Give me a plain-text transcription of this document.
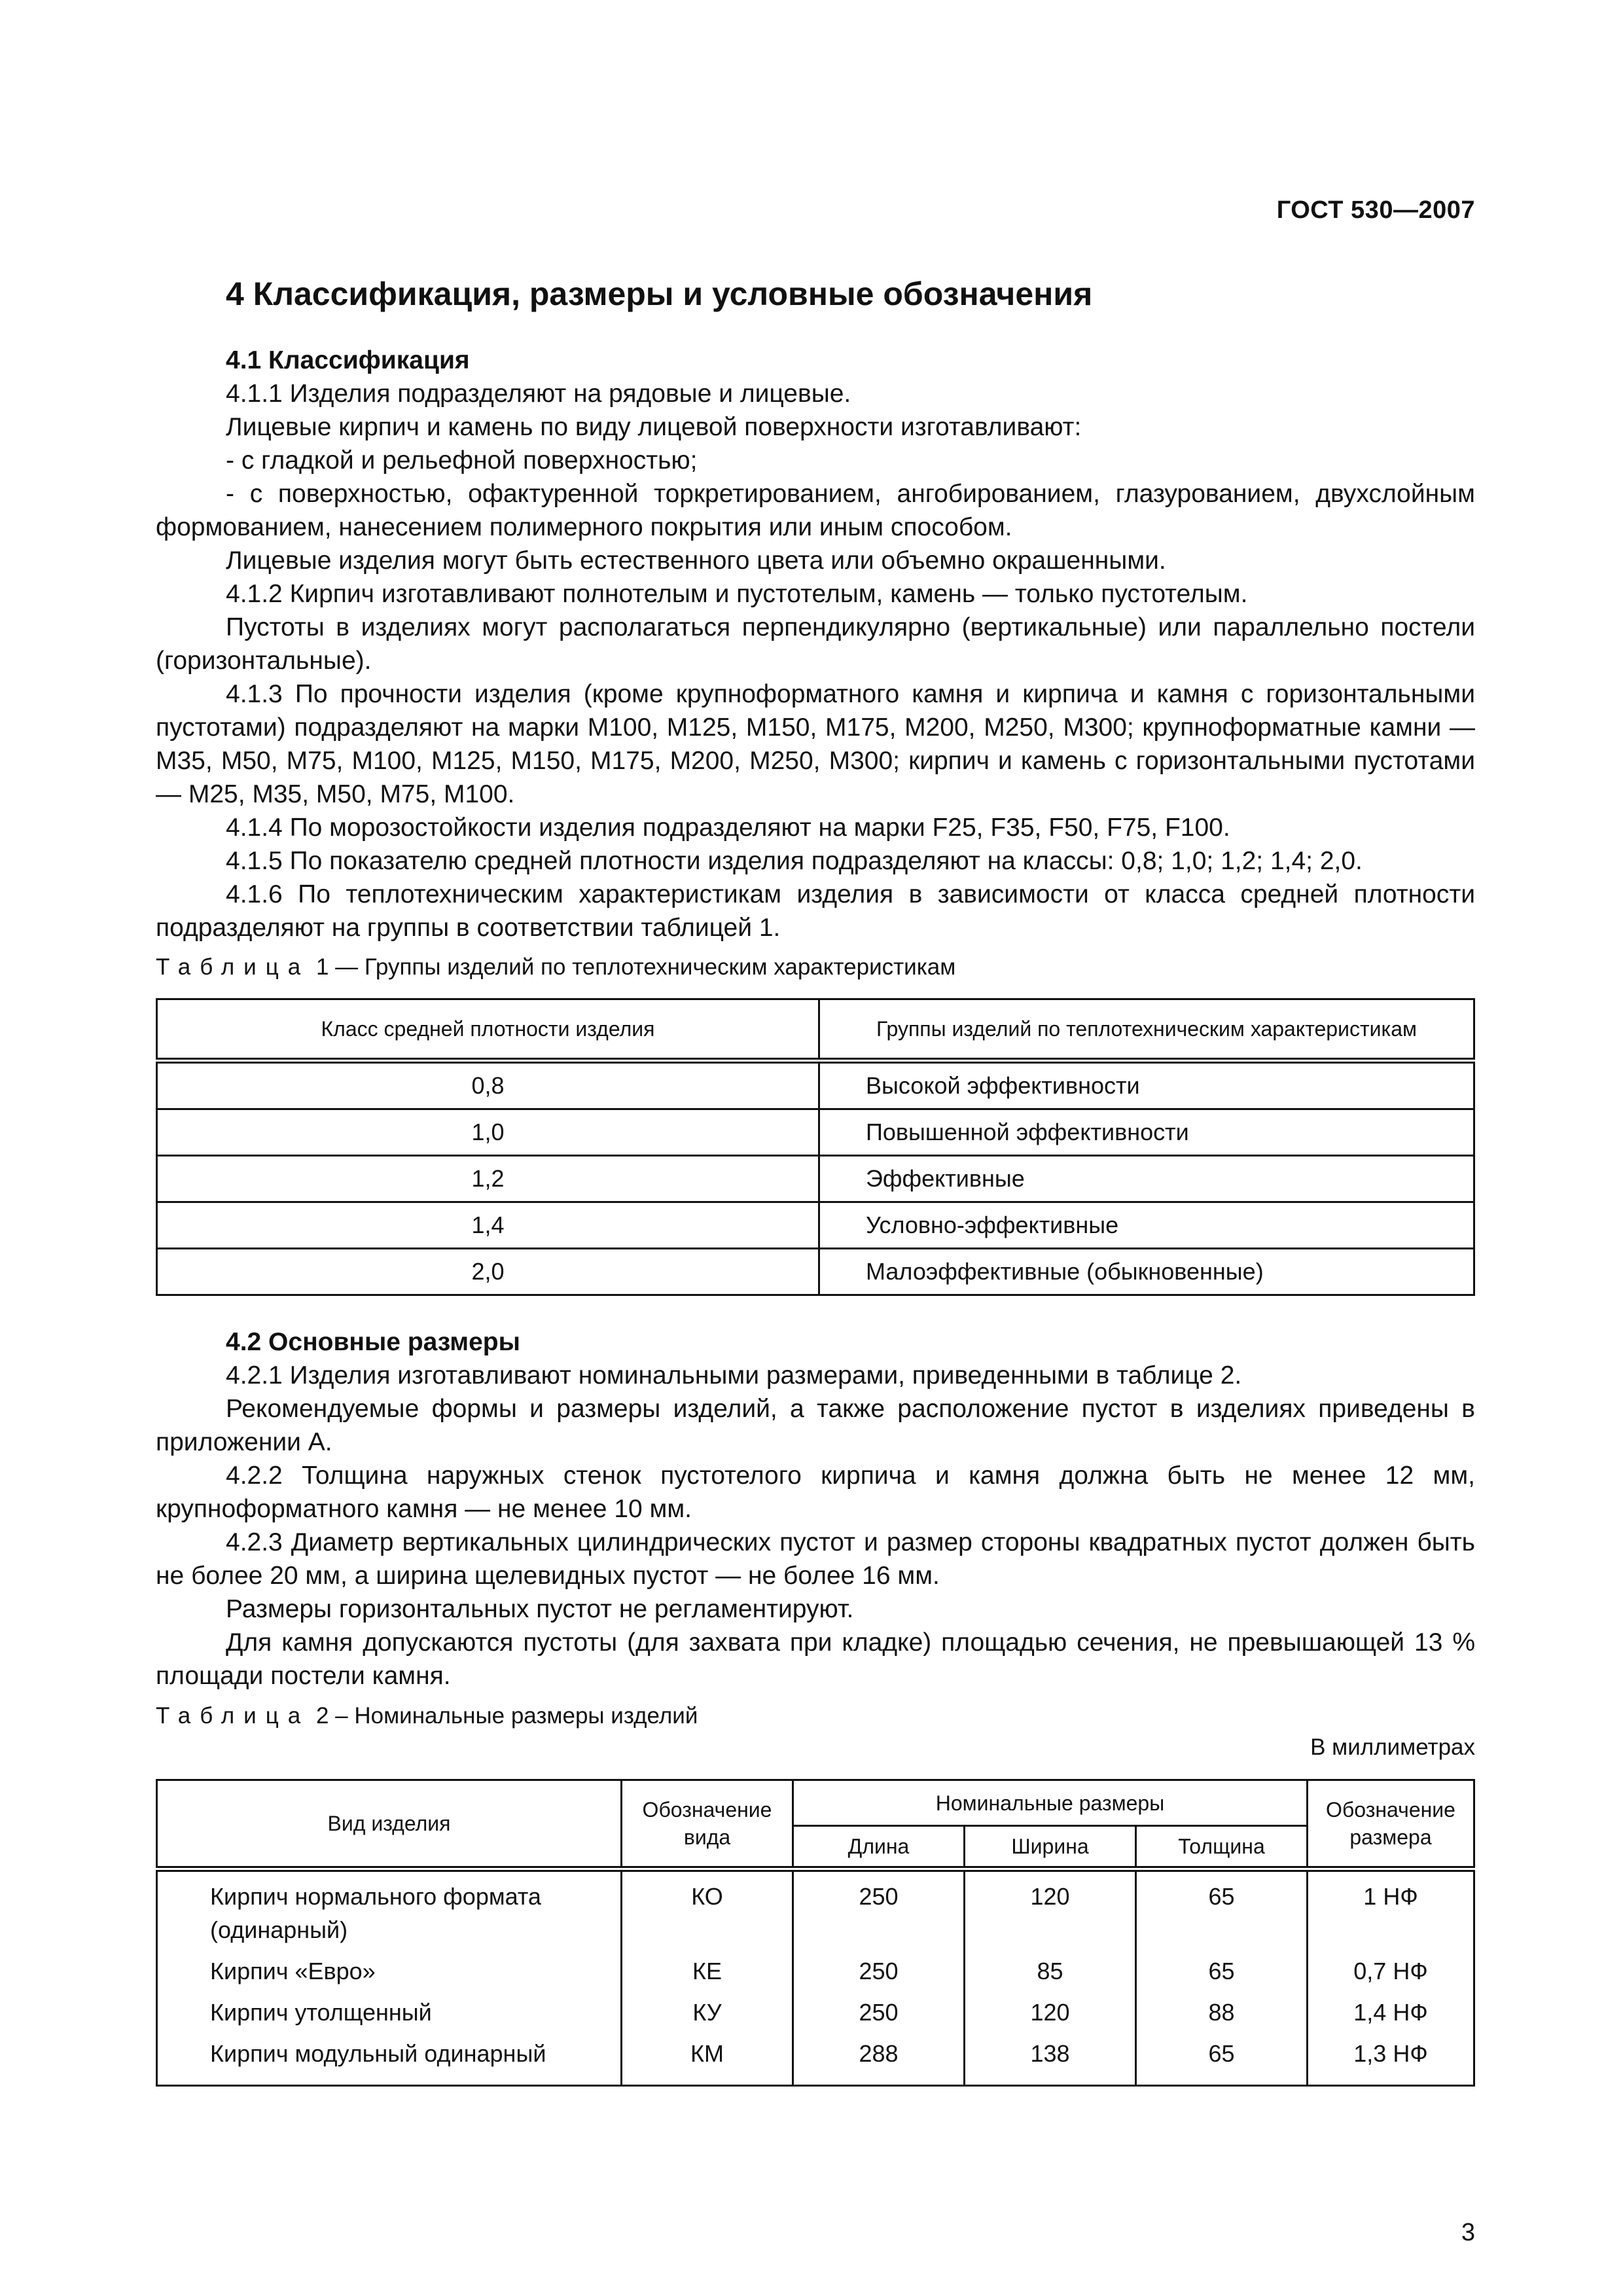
ГОСТ 530—2007
4 Классификация, размеры и условные обозначения

4.1 Классификация

4.1.1 Изделия подразделяют на рядовые и лицевые.

Лицевые кирпич и камень по виду лицевой поверхности изготавливают:

- с гладкой и рельефной поверхностью;

- с поверхностью, офактуренной торкретированием, ангобированием, глазурованием, двухслойным формованием, нанесением полимерного покрытия или иным способом.

Лицевые изделия могут быть естественного цвета или объемно окрашенными.

4.1.2 Кирпич изготавливают полнотелым и пустотелым, камень — только пустотелым.

Пустоты в изделиях могут располагаться перпендикулярно (вертикальные) или параллельно постели (горизонтальные).

4.1.3 По прочности изделия (кроме крупноформатного камня и кирпича и камня с горизонтальными пустотами) подразделяют на марки М100, М125, М150, М175, М200, М250, М300; крупноформатные камни — М35, М50, М75, М100, М125, М150, М175, М200, М250, М300; кирпич и камень с горизонтальными пустотами — М25, М35, М50, М75, М100.

4.1.4 По морозостойкости изделия подразделяют на марки F25, F35, F50, F75, F100.

4.1.5 По показателю средней плотности изделия подразделяют на классы: 0,8; 1,0; 1,2; 1,4; 2,0.

4.1.6 По теплотехническим характеристикам изделия в зависимости от класса средней плотности подразделяют на группы в соответствии таблицей 1.

Таблица 1 — Группы изделий по теплотехническим характеристикам
Класс средней плотности изделия	Группы изделий по теплотехническим характеристикам
0,8	Высокой эффективности
1,0	Повышенной эффективности
1,2	Эффективные
1,4	Условно-эффективные
2,0	Малоэффективные (обыкновенные)

4.2 Основные размеры

4.2.1 Изделия изготавливают номинальными размерами, приведенными в таблице 2.

Рекомендуемые формы и размеры изделий, а также расположение пустот в изделиях приведены в приложении А.

4.2.2 Толщина наружных стенок пустотелого кирпича и камня должна быть не менее 12 мм, крупноформатного камня — не менее 10 мм.

4.2.3 Диаметр вертикальных цилиндрических пустот и размер стороны квадратных пустот должен быть не более 20 мм, а ширина щелевидных пустот — не более 16 мм.

Размеры горизонтальных пустот не регламентируют.

Для камня допускаются пустоты (для захвата при кладке) площадью сечения, не превышающей 13 % площади постели камня.

Таблица 2 – Номинальные размеры изделий
В миллиметрах
Вид изделия	Обозначение вида	Номинальные размеры			Обозначение размера
		Длина	Ширина	Толщина	
Кирпич нормального формата (одинарный)	КО	250	120	65	1 НФ
Кирпич «Евро»	КЕ	250	85	65	0,7 НФ
Кирпич утолщенный	КУ	250	120	88	1,4 НФ
Кирпич модульный одинарный	КМ	288	138	65	1,3 НФ
3
